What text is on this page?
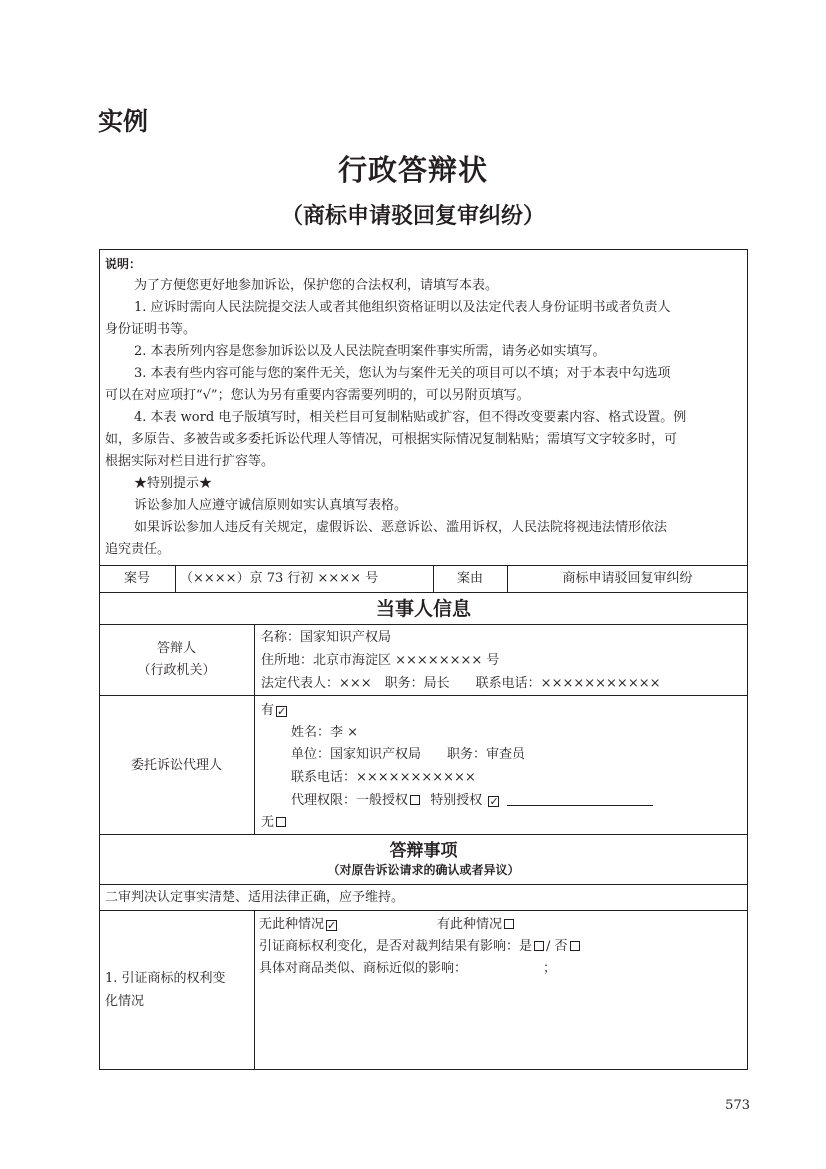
实例
行政答辩状
（商标申请驳回复审纠纷）
说明：
为了方便您更好地参加诉讼，保护您的合法权利，请填写本表。
1. 应诉时需向人民法院提交法人或者其他组织资格证明以及法定代表人身份证明书或者负责人
身份证明书等。
2. 本表所列内容是您参加诉讼以及人民法院查明案件事实所需，请务必如实填写。
3. 本表有些内容可能与您的案件无关，您认为与案件无关的项目可以不填；对于本表中勾选项
可以在对应项打“√”；您认为另有重要内容需要列明的，可以另附页填写。
4. 本表 word 电子版填写时，相关栏目可复制粘贴或扩容，但不得改变要素内容、格式设置。例
如，多原告、多被告或多委托诉讼代理人等情况，可根据实际情况复制粘贴；需填写文字较多时，可
根据实际对栏目进行扩容等。
★特别提示★
诉讼参加人应遵守诚信原则如实认真填写表格。
如果诉讼参加人违反有关规定，虚假诉讼、恶意诉讼、滥用诉权，人民法院将视违法情形依法
追究责任。
案号	（××××）京 73 行初 ×××× 号	案由	商标申请驳回复审纠纷
当事人信息
答辩人
（行政机关）
名称：国家知识产权局
住所地：北京市海淀区 ×××××××× 号
法定代表人：×××　职务：局长　　联系电话：×××××××××××
委托诉讼代理人
有 ✓
姓名：李 ×
单位：国家知识产权局　　职务：审查员
联系电话：×××××××××××
代理权限：一般授权 特别授权 ✓
无
答辩事项
（对原告诉讼请求的确认或者异议）
二审判决认定事实清楚、适用法律正确，应予维持。
1. 引证商标的权利变
化情况
无此种情况 ✓	有此种情况
引证商标权利变化，是否对裁判结果有影响：是 / 否
具体对商品类似、商标近似的影响：	；
573
